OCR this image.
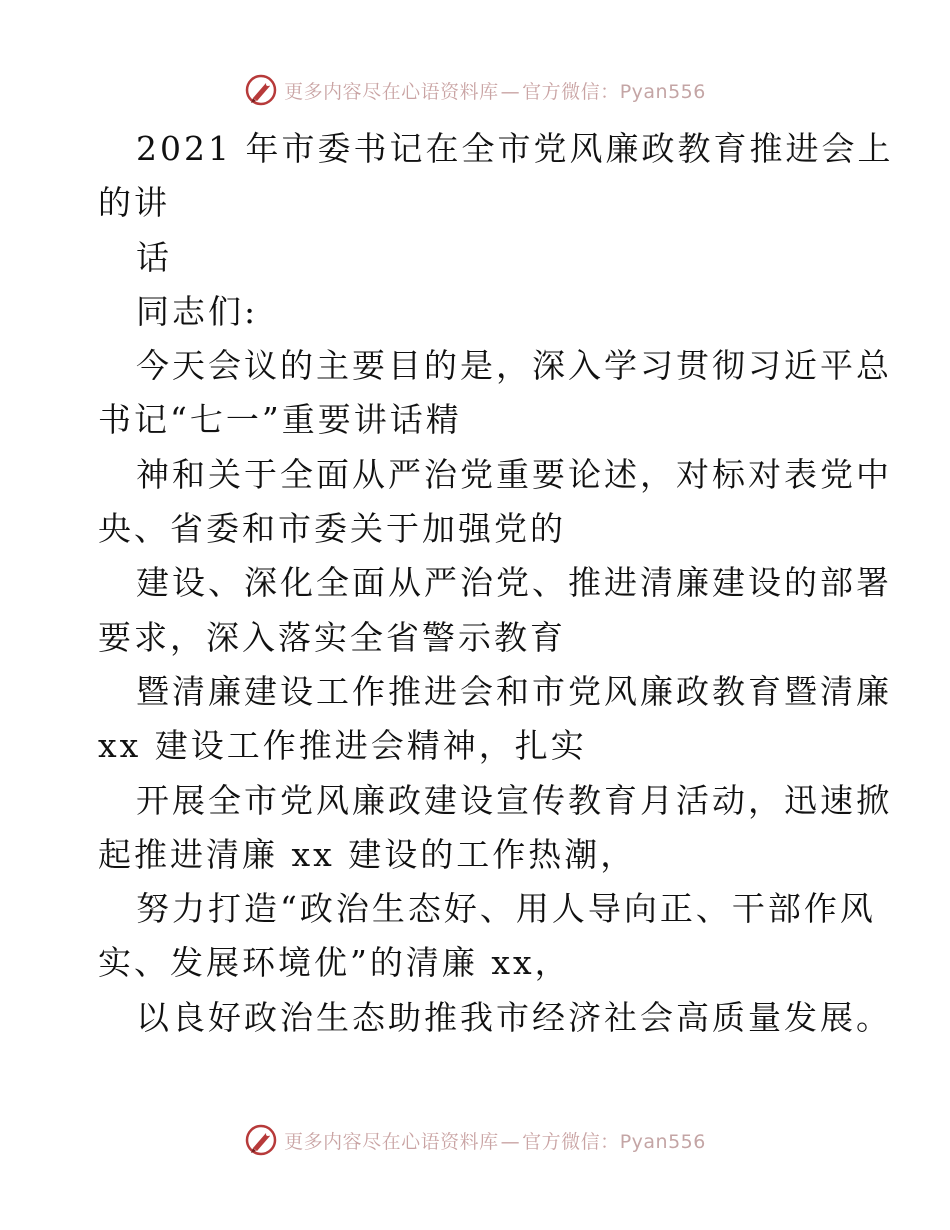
更多内容尽在心语资料库 — 官方微信：Pyan556
2021 年市委书记在全市党风廉政教育推进会上
的讲
话
同志们:
今天会议的主要目的是，深入学习贯彻习近平总
书记“七一”重要讲话精
神和关于全面从严治党重要论述，对标对表党中
央、省委和市委关于加强党的
建设、深化全面从严治党、推进清廉建设的部署
要求，深入落实全省警示教育
暨清廉建设工作推进会和市党风廉政教育暨清廉
xx 建设工作推进会精神，扎实
开展全市党风廉政建设宣传教育月活动，迅速掀
起推进清廉 xx 建设的工作热潮，
努力打造“政治生态好、用人导向正、干部作风
实、发展环境优”的清廉 xx，
以良好政治生态助推我市经济社会高质量发展。
更多内容尽在心语资料库 — 官方微信：Pyan556
